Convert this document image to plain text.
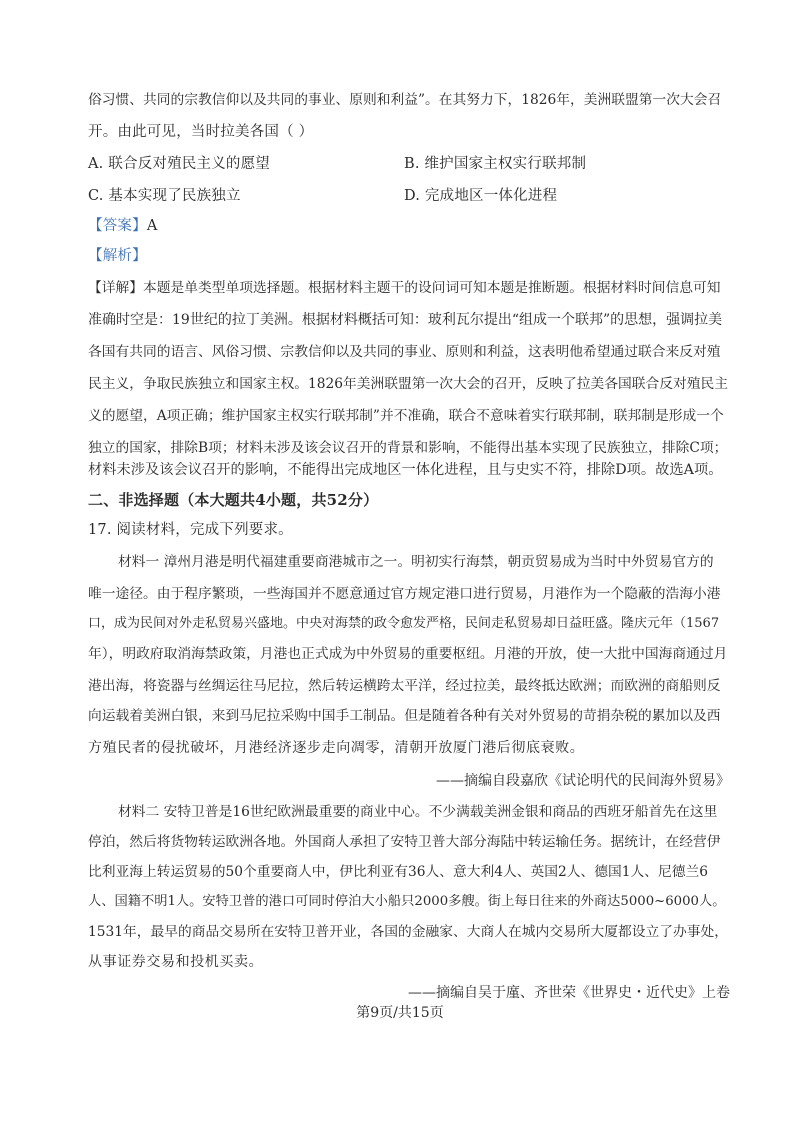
俗习惯、共同的宗教信仰以及共同的事业、原则和利益”。在其努力下，1826年，美洲联盟第一次大会召
开。由此可见，当时拉美各国（ ）
A. 联合反对殖民主义的愿望	B. 维护国家主权实行联邦制
C. 基本实现了民族独立	D. 完成地区一体化进程
【答案】A
【解析】
【详解】本题是单类型单项选择题。根据材料主题干的设问词可知本题是推断题。根据材料时间信息可知
准确时空是：19世纪的拉丁美洲。根据材料概括可知：玻利瓦尔提出“组成一个联邦”的思想，强调拉美
各国有共同的语言、风俗习惯、宗教信仰以及共同的事业、原则和利益，这表明他希望通过联合来反对殖
民主义，争取民族独立和国家主权。1826年美洲联盟第一次大会的召开，反映了拉美各国联合反对殖民主
义的愿望，A项正确；维护国家主权实行联邦制”并不准确，联合不意味着实行联邦制，联邦制是形成一个
独立的国家，排除B项；材料未涉及该会议召开的背景和影响，不能得出基本实现了民族独立，排除C项；
材料未涉及该会议召开的影响，不能得出完成地区一体化进程，且与史实不符，排除D项。故选A项。
二、非选择题（本大题共4小题，共52分）
17. 阅读材料，完成下列要求。
材料一 漳州月港是明代福建重要商港城市之一。明初实行海禁，朝贡贸易成为当时中外贸易官方的
唯一途径。由于程序繁琐，一些海国并不愿意通过官方规定港口进行贸易，月港作为一个隐蔽的浩海小港
口，成为民间对外走私贸易兴盛地。中央对海禁的政令愈发严格，民间走私贸易却日益旺盛。隆庆元年（1567
年），明政府取消海禁政策，月港也正式成为中外贸易的重要枢纽。月港的开放，使一大批中国海商通过月
港出海，将瓷器与丝绸运往马尼拉，然后转运横跨太平洋，经过拉美，最终抵达欧洲；而欧洲的商船则反
向运载着美洲白银，来到马尼拉采购中国手工制品。但是随着各种有关对外贸易的苛捐杂税的累加以及西
方殖民者的侵扰破坏，月港经济逐步走向凋零，清朝开放厦门港后彻底衰败。
——摘编自段嘉欣《试论明代的民间海外贸易》
材料二 安特卫普是16世纪欧洲最重要的商业中心。不少满载美洲金银和商品的西班牙船首先在这里
停泊，然后将货物转运欧洲各地。外国商人承担了安特卫普大部分海陆中转运输任务。据统计，在经营伊
比利亚海上转运贸易的50个重要商人中，伊比利亚有36人、意大利4人、英国2人、德国1人、尼德兰6
人、国籍不明1人。安特卫普的港口可同时停泊大小船只2000多艘。街上每日往来的外商达5000~6000人。
1531年，最早的商品交易所在安特卫普开业，各国的金融家、大商人在城内交易所大厦都设立了办事处，
从事证券交易和投机买卖。
——摘编自吴于廑、齐世荣《世界史・近代史》上卷
第9页/共15页
